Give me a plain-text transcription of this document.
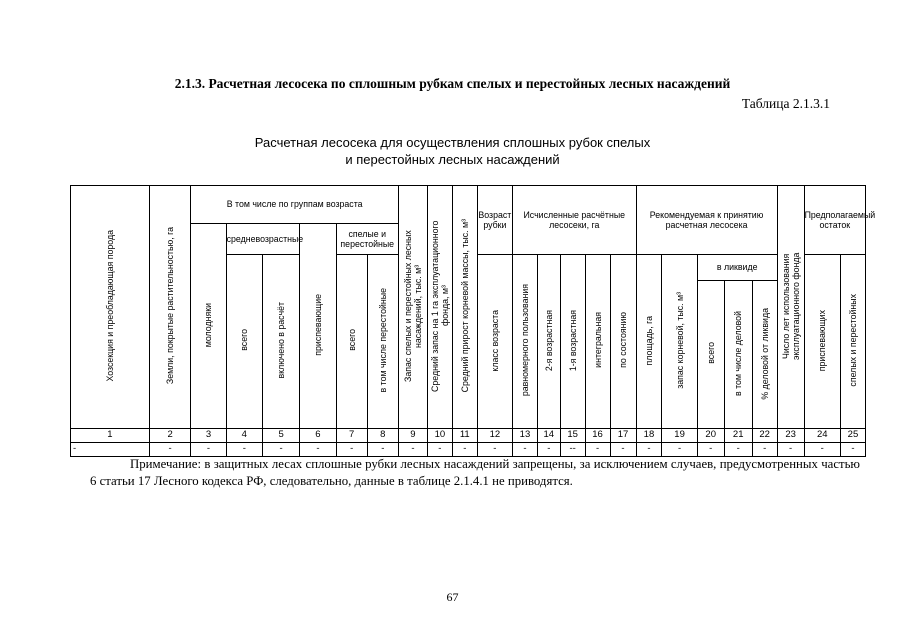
2.1.3. Расчетная лесосека по сплошным рубкам спелых и перестойных лесных насаждений
Таблица 2.1.3.1
Расчетная лесосека для осуществления сплошных рубок спелых
и перестойных лесных насаждений
Хозсекция и преобладающая порода	Земли, покрытые растительностью, га	В том числе по группам возраста						Запас спелых и перестойных лесных насаждений, тыс. м³	Средний запас на 1 га эксплуатационного фонда, м³	Средний прирост корневой массы, тыс. м³	Возраст рубки	Исчисленные расчётные лесосеки, га					Рекомендуемая к принятию расчетная лесосека					Число лет использования эксплуатационного фонда	Предполагаемый остаток	
		молодняки	средневозрастные		приспевающие	спелые и перестойные																		
			всего	включено в расчёт		всего	в том числе перестойные				класс возраста	равномерного пользования	2-я возрастная	1-я возрастная	интегральная	по состоянию	площадь, га	запас корневой, тыс. м³	в ликвиде				приспевающих	спелых и перестойных
																			всего	в том числе деловой	% деловой от ликвида			
1	2	3	4	5	6	7	8	9	10	11	12	13	14	15	16	17	18	19	20	21	22	23	24	25
-	-	-	-	-	-	-	-	-	-	-	-	-	-	--	-	-	-	-	-	-	-	-	-	-
Примечание: в защитных лесах сплошные рубки лесных насаждений запрещены, за исключением случаев, предусмотренных частью 6 статьи 17 Лесного кодекса РФ, следовательно, данные в таблице 2.1.4.1 не приводятся.
67
